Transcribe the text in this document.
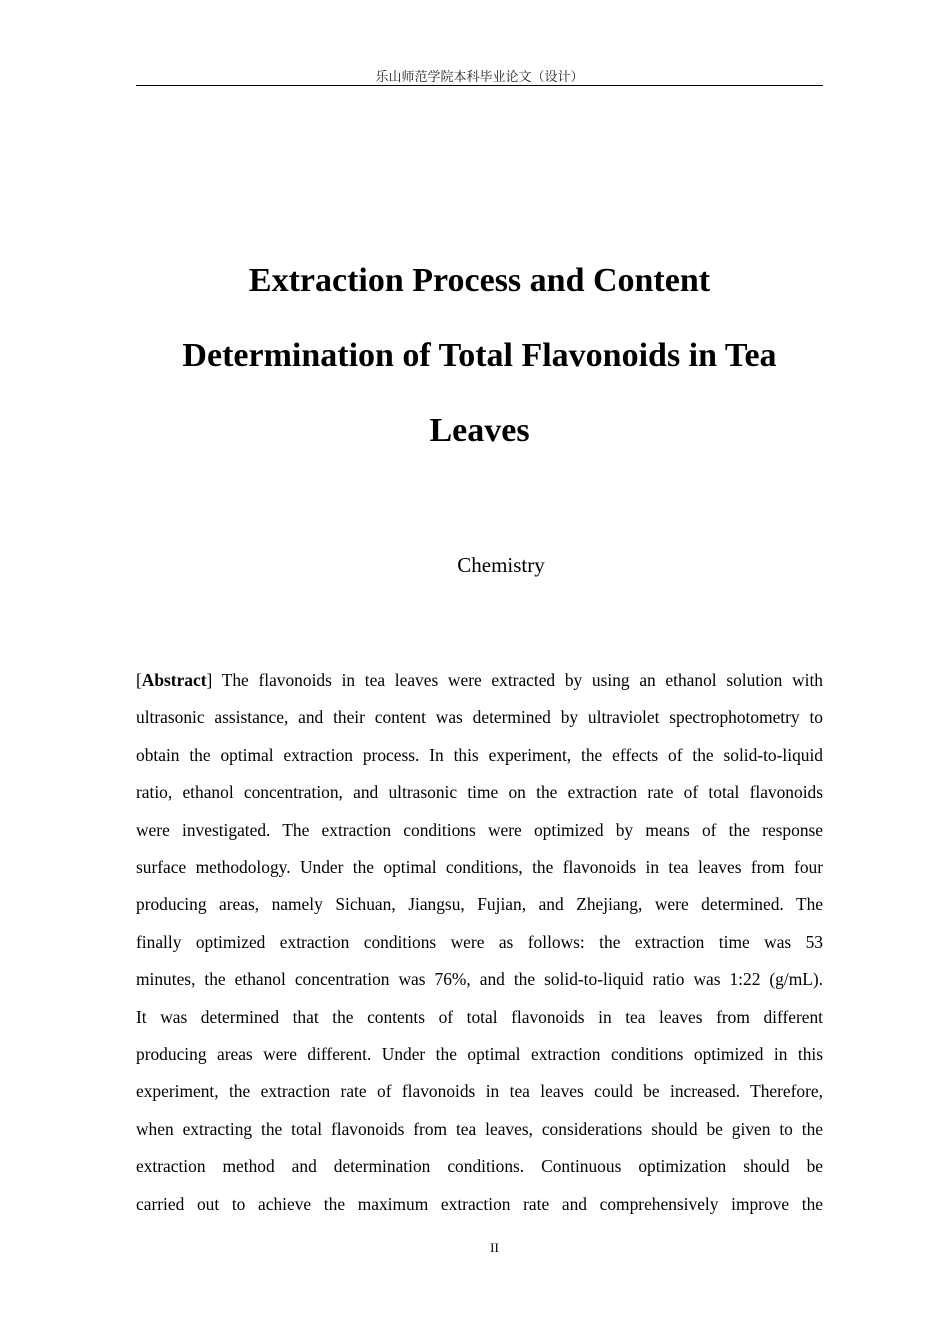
乐山师范学院本科毕业论文（设计）
Extraction Process and Content
Determination of Total Flavonoids in Tea
Leaves
Chemistry
[Abstract] The flavonoids in tea leaves were extracted by using an ethanol solution with
ultrasonic assistance, and their content was determined by ultraviolet spectrophotometry to
obtain the optimal extraction process. In this experiment, the effects of the solid-to-liquid
ratio, ethanol concentration, and ultrasonic time on the extraction rate of total flavonoids
were investigated. The extraction conditions were optimized by means of the response
surface methodology. Under the optimal conditions, the flavonoids in tea leaves from four
producing areas, namely Sichuan, Jiangsu, Fujian, and Zhejiang, were determined. The
finally optimized extraction conditions were as follows: the extraction time was 53
minutes, the ethanol concentration was 76%, and the solid-to-liquid ratio was 1:22 (g/mL).
It was determined that the contents of total flavonoids in tea leaves from different
producing areas were different. Under the optimal extraction conditions optimized in this
experiment, the extraction rate of flavonoids in tea leaves could be increased. Therefore,
when extracting the total flavonoids from tea leaves, considerations should be given to the
extraction method and determination conditions. Continuous optimization should be
carried out to achieve the maximum extraction rate and comprehensively improve the
II
